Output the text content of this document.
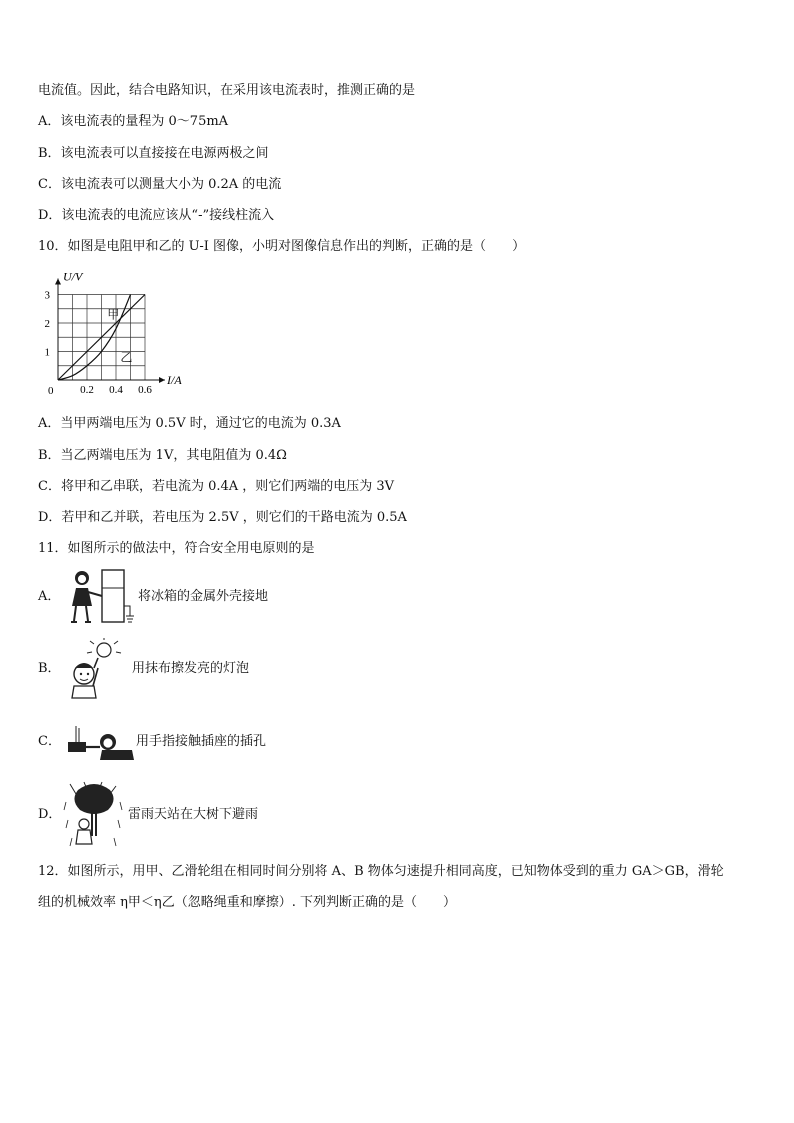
电流值。因此，结合电路知识，在采用该电流表时，推测正确的是
A．该电流表的量程为 0～75mA
B．该电流表可以直接接在电源两极之间
C．该电流表可以测量大小为 0.2A 的电流
D．该电流表的电流应该从“-”接线柱流入
10．如图是电阻甲和乙的 U-I 图像，小明对图像信息作出的判断，正确的是（　　）
I/A
U/V
0 0.2 0.4 0.6
1
2
3
甲
乙
A．当甲两端电压为 0.5V 时，通过它的电流为 0.3A
B．当乙两端电压为 1V，其电阻值为 0.4Ω
C．将甲和乙串联，若电流为 0.4A ，则它们两端的电压为 3V
D．若甲和乙并联，若电压为 2.5V ，则它们的干路电流为 0.5A
11．如图所示的做法中，符合安全用电原则的是
A．	将冰箱的金属外壳接地
B．	用抹布擦发亮的灯泡
C．	用手指接触插座的插孔
D．	雷雨天站在大树下避雨
12．如图所示，用甲、乙滑轮组在相同时间分别将 A、B 物体匀速提升相同高度，已知物体受到的重力 GA＞GB，滑轮
组的机械效率 η甲＜η乙（忽略绳重和摩擦）. 下列判断正确的是（　　）
